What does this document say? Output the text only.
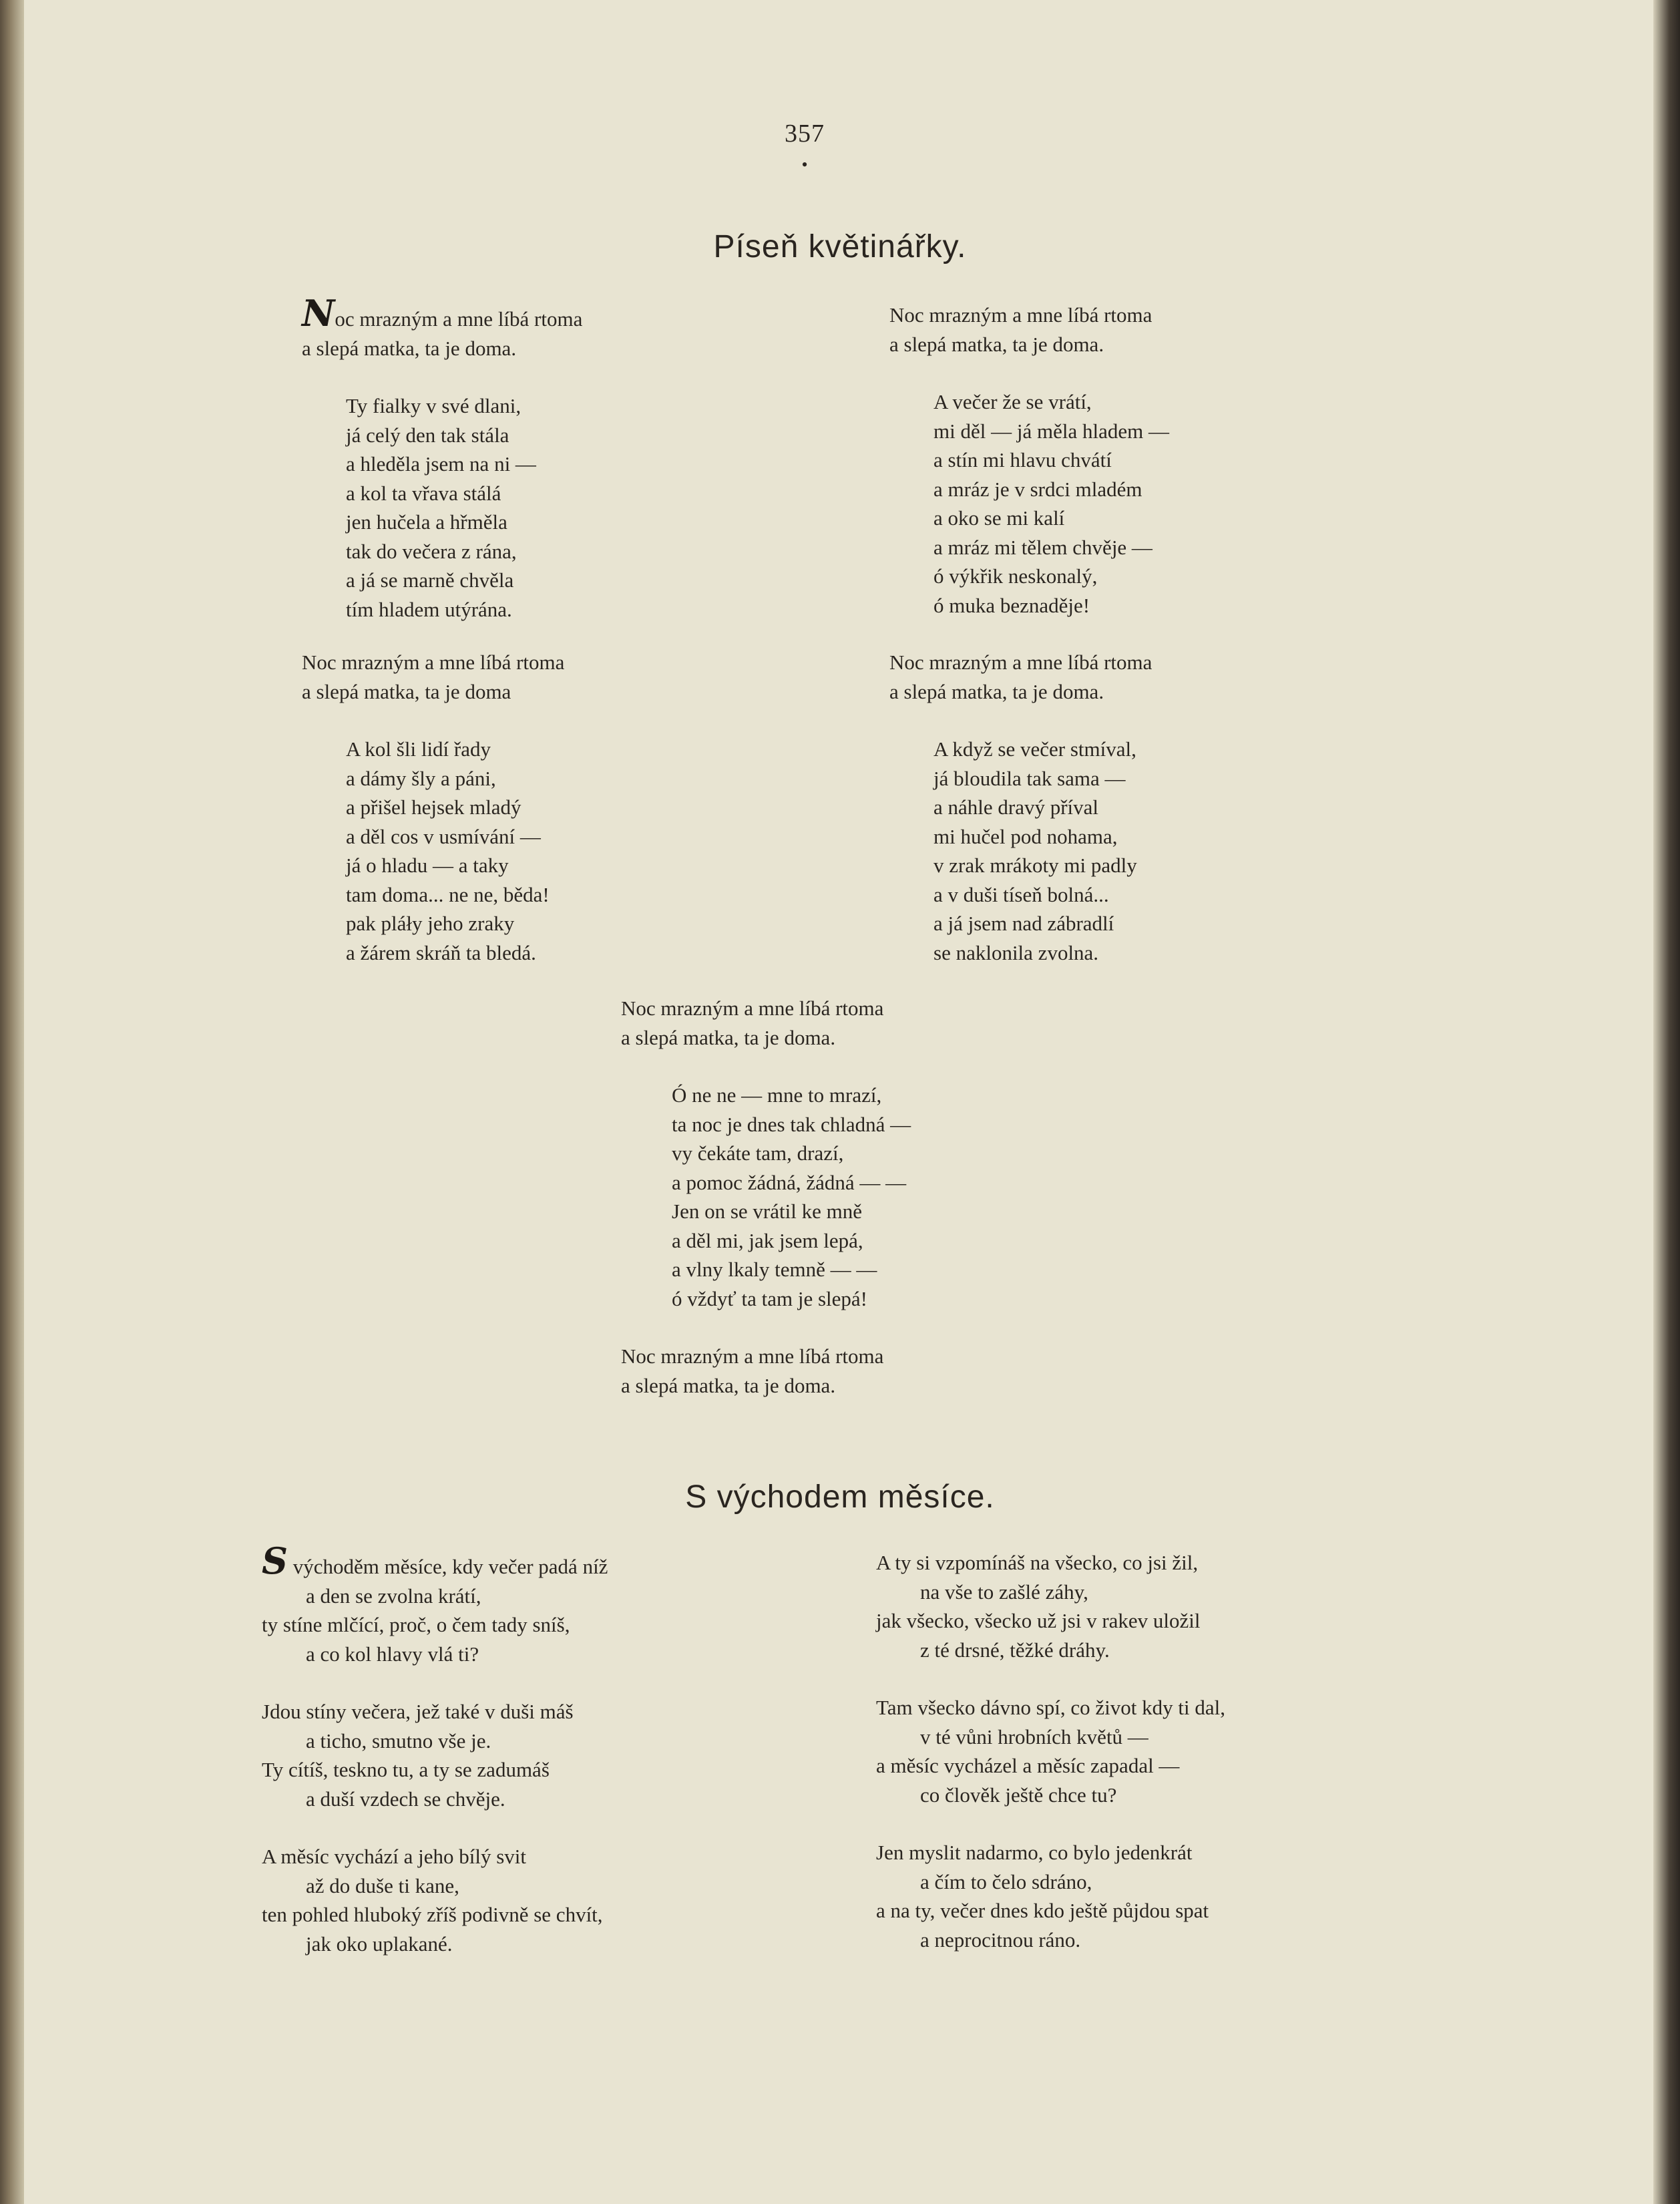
357
•
Píseň květinářky.
Noc mrazným a mne líbá rtoma
a slepá matka, ta je doma.
Ty fialky v své dlani,
já celý den tak stála
a hleděla jsem na ni —
a kol ta vřava stálá
jen hučela a hřměla
tak do večera z rána,
a já se marně chvěla
tím hladem utýrána.
Noc mrazným a mne líbá rtoma
a slepá matka, ta je doma.
A večer že se vrátí,
mi děl — já měla hladem —
a stín mi hlavu chvátí
a mráz je v srdci mladém
a oko se mi kalí
a mráz mi tělem chvěje —
ó výkřik neskonalý,
ó muka beznaděje!
Noc mrazným a mne líbá rtoma
a slepá matka, ta je doma
A kol šli lidí řady
a dámy šly a páni,
a přišel hejsek mladý
a děl cos v usmívání —
já o hladu — a taky
tam doma... ne ne, běda!
pak pláły jeho zraky
a žárem skráň ta bledá.
Noc mrazným a mne líbá rtoma
a slepá matka, ta je doma.
A když se večer stmíval,
já bloudila tak sama —
a náhle dravý příval
mi hučel pod nohama,
v zrak mrákoty mi padly
a v duši tíseň bolná...
a já jsem nad zábradlí
se naklonila zvolna.
Noc mrazným a mne líbá rtoma
a slepá matka, ta je doma.
Ó ne ne — mne to mrazí,
ta noc je dnes tak chladná —
vy čekáte tam, drazí,
a pomoc žádná, žádná — —
Jen on se vrátil ke mně
a děl mi, jak jsem lepá,
a vlny lkaly temně — —
ó vždyť ta tam je slepá!
Noc mrazným a mne líbá rtoma
a slepá matka, ta je doma.
S východem měsíce.
S východěm měsíce, kdy večer padá níž
a den se zvolna krátí,
ty stíne mlčící, proč, o čem tady sníš,
a co kol hlavy vlá ti?
Jdou stíny večera, jež také v duši máš
a ticho, smutno vše je.
Ty cítíš, teskno tu, a ty se zadumáš
a duší vzdech se chvěje.
A měsíc vychází a jeho bílý svit
až do duše ti kane,
ten pohled hluboký zříš podivně se chvít,
jak oko uplakané.
A ty si vzpomínáš na všecko, co jsi žil,
na vše to zašlé záhy,
jak všecko, všecko už jsi v rakev uložil
z té drsné, těžké dráhy.
Tam všecko dávno spí, co život kdy ti dal,
v té vůni hrobních květů —
a měsíc vycházel a měsíc zapadal —
co člověk ještě chce tu?
Jen myslit nadarmo, co bylo jedenkrát
a čím to čelo sdráno,
a na ty, večer dnes kdo ještě půjdou spat
a neprocitnou ráno.
